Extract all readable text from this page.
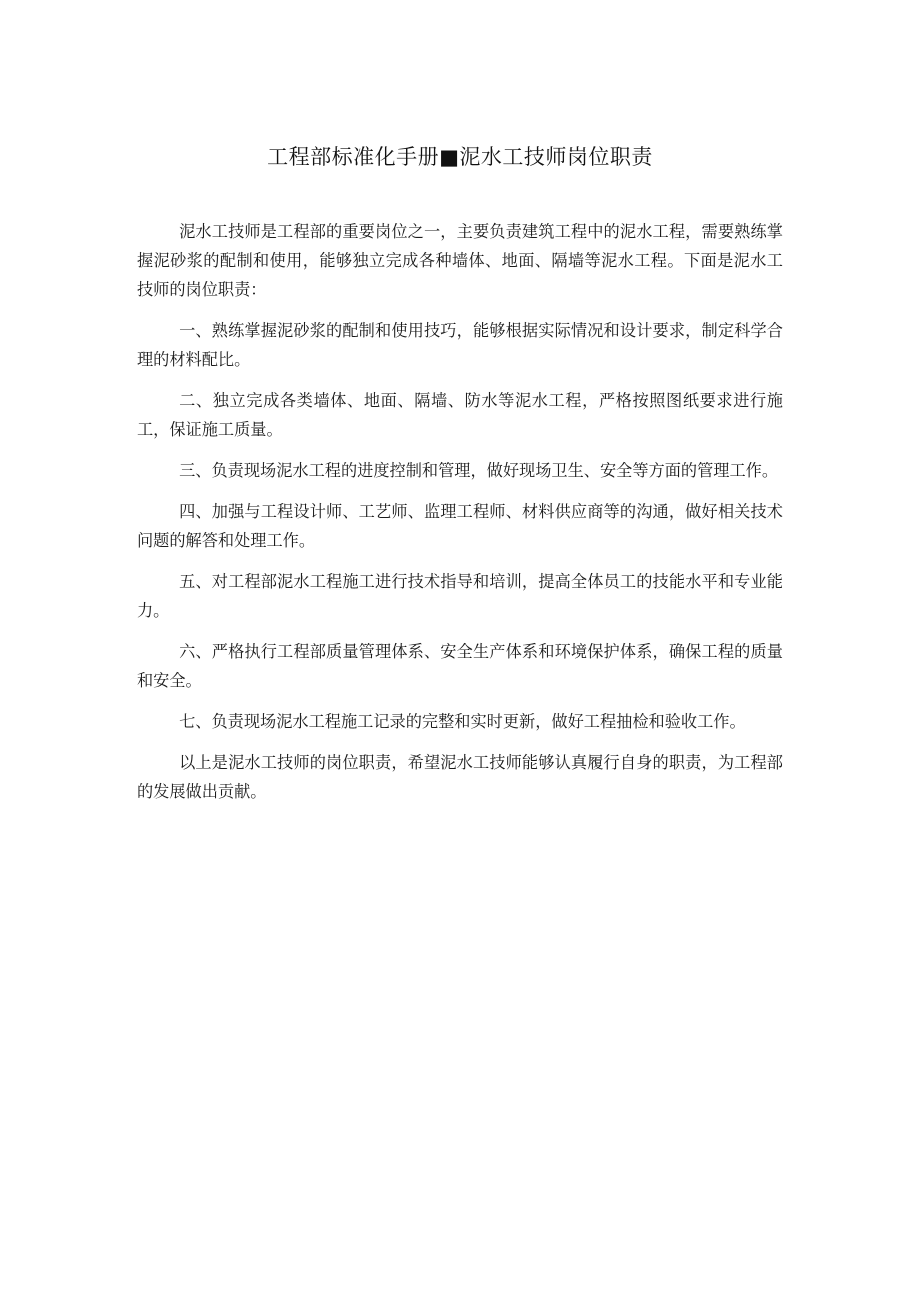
工程部标准化手册■泥水工技师岗位职责

泥水工技师是工程部的重要岗位之一，主要负责建筑工程中的泥水工程，需要熟练掌握泥砂浆的配制和使用，能够独立完成各种墙体、地面、隔墙等泥水工程。下面是泥水工技师的岗位职责：

一、熟练掌握泥砂浆的配制和使用技巧，能够根据实际情况和设计要求，制定科学合理的材料配比。

二、独立完成各类墙体、地面、隔墙、防水等泥水工程，严格按照图纸要求进行施工，保证施工质量。

三、负责现场泥水工程的进度控制和管理，做好现场卫生、安全等方面的管理工作。

四、加强与工程设计师、工艺师、监理工程师、材料供应商等的沟通，做好相关技术问题的解答和处理工作。

五、对工程部泥水工程施工进行技术指导和培训，提高全体员工的技能水平和专业能力。

六、严格执行工程部质量管理体系、安全生产体系和环境保护体系，确保工程的质量和安全。

七、负责现场泥水工程施工记录的完整和实时更新，做好工程抽检和验收工作。

以上是泥水工技师的岗位职责，希望泥水工技师能够认真履行自身的职责，为工程部的发展做出贡献。
